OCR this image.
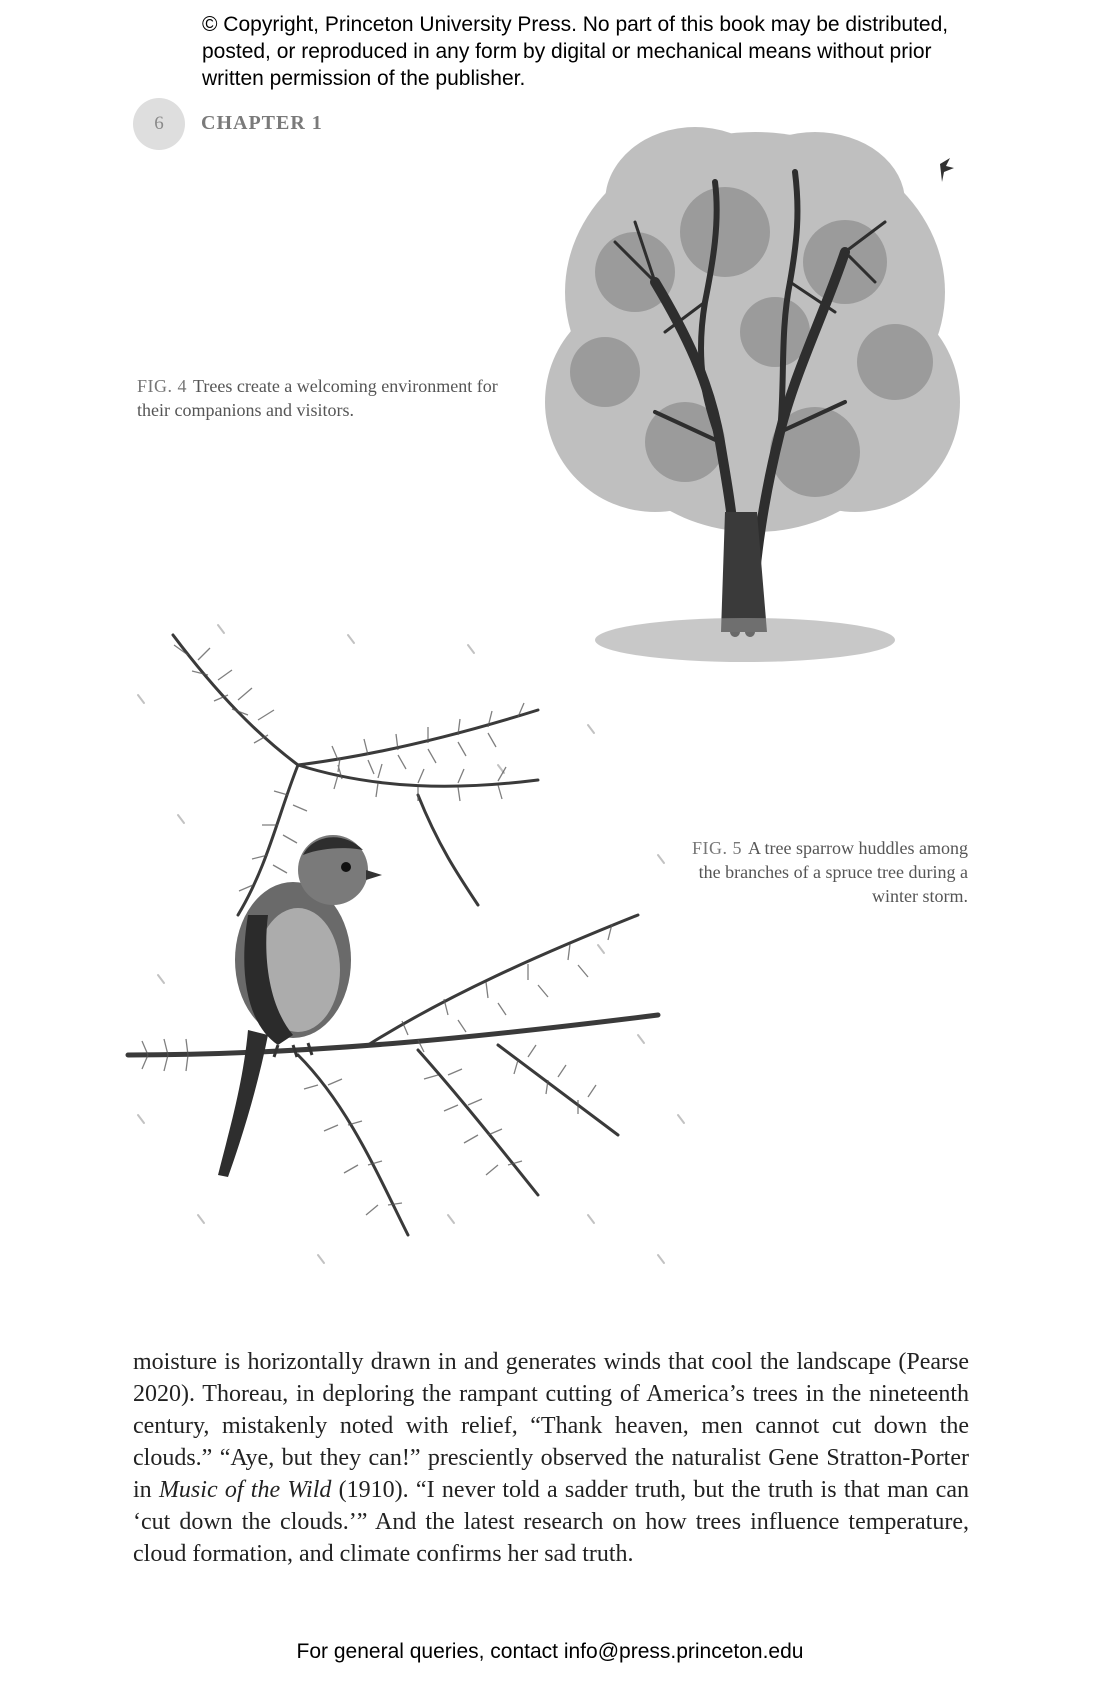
© Copyright, Princeton University Press. No part of this book may be distributed, posted, or reproduced in any form by digital or mechanical means without prior written permission of the publisher.
6 CHAPTER 1
FIG. 4 Trees create a welcoming environment for their companions and visitors.
FIG. 5 A tree sparrow huddles among the branches of a spruce tree during a winter storm.

moisture is horizontally drawn in and generates winds that cool the landscape (Pearse 2020). Thoreau, in deploring the rampant cutting of America’s trees in the nineteenth century, mistakenly noted with relief, “Thank heaven, men cannot cut down the clouds.” “Aye, but they can!” presciently observed the naturalist Gene Stratton-Porter in Music of the Wild (1910). “I never told a sadder truth, but the truth is that man can ‘cut down the clouds.’” And the latest research on how trees influence temperature, cloud formation, and climate confirms her sad truth.

For general queries, contact info@press.princeton.edu
